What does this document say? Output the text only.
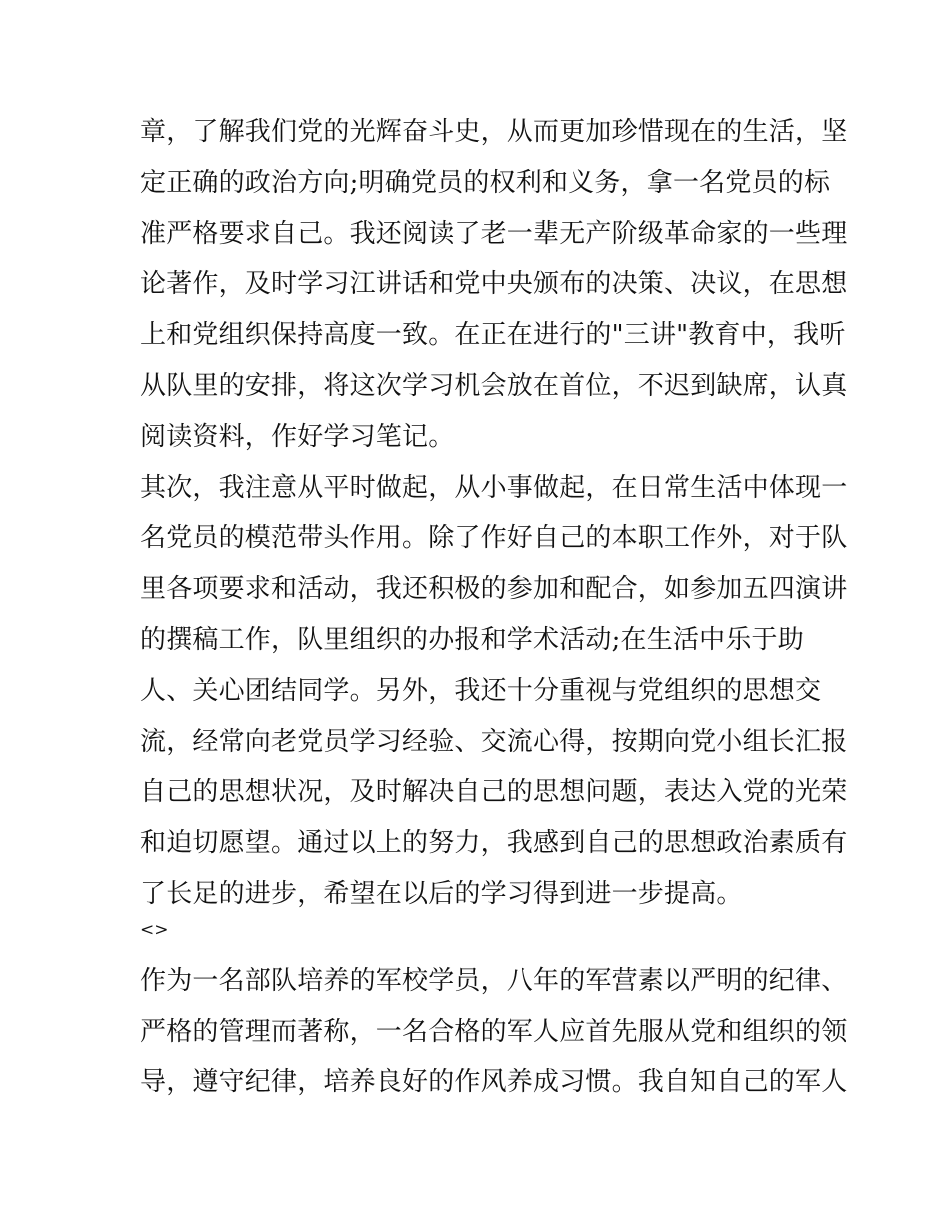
章，了解我们党的光辉奋斗史，从而更加珍惜现在的生活，坚
定正确的政治方向;明确党员的权利和义务，拿一名党员的标
准严格要求自己。我还阅读了老一辈无产阶级革命家的一些理
论著作，及时学习江讲话和党中央颁布的决策、决议，在思想
上和党组织保持高度一致。在正在进行的"三讲"教育中，我听
从队里的安排，将这次学习机会放在首位，不迟到缺席，认真
阅读资料，作好学习笔记。
其次，我注意从平时做起，从小事做起，在日常生活中体现一
名党员的模范带头作用。除了作好自己的本职工作外，对于队
里各项要求和活动，我还积极的参加和配合，如参加五四演讲
的撰稿工作，队里组织的办报和学术活动;在生活中乐于助
人、关心团结同学。另外，我还十分重视与党组织的思想交
流，经常向老党员学习经验、交流心得，按期向党小组长汇报
自己的思想状况，及时解决自己的思想问题，表达入党的光荣
和迫切愿望。通过以上的努力，我感到自己的思想政治素质有
了长足的进步，希望在以后的学习得到进一步提高。
<>
作为一名部队培养的军校学员，八年的军营素以严明的纪律、
严格的管理而著称，一名合格的军人应首先服从党和组织的领
导，遵守纪律，培养良好的作风养成习惯。我自知自己的军人
